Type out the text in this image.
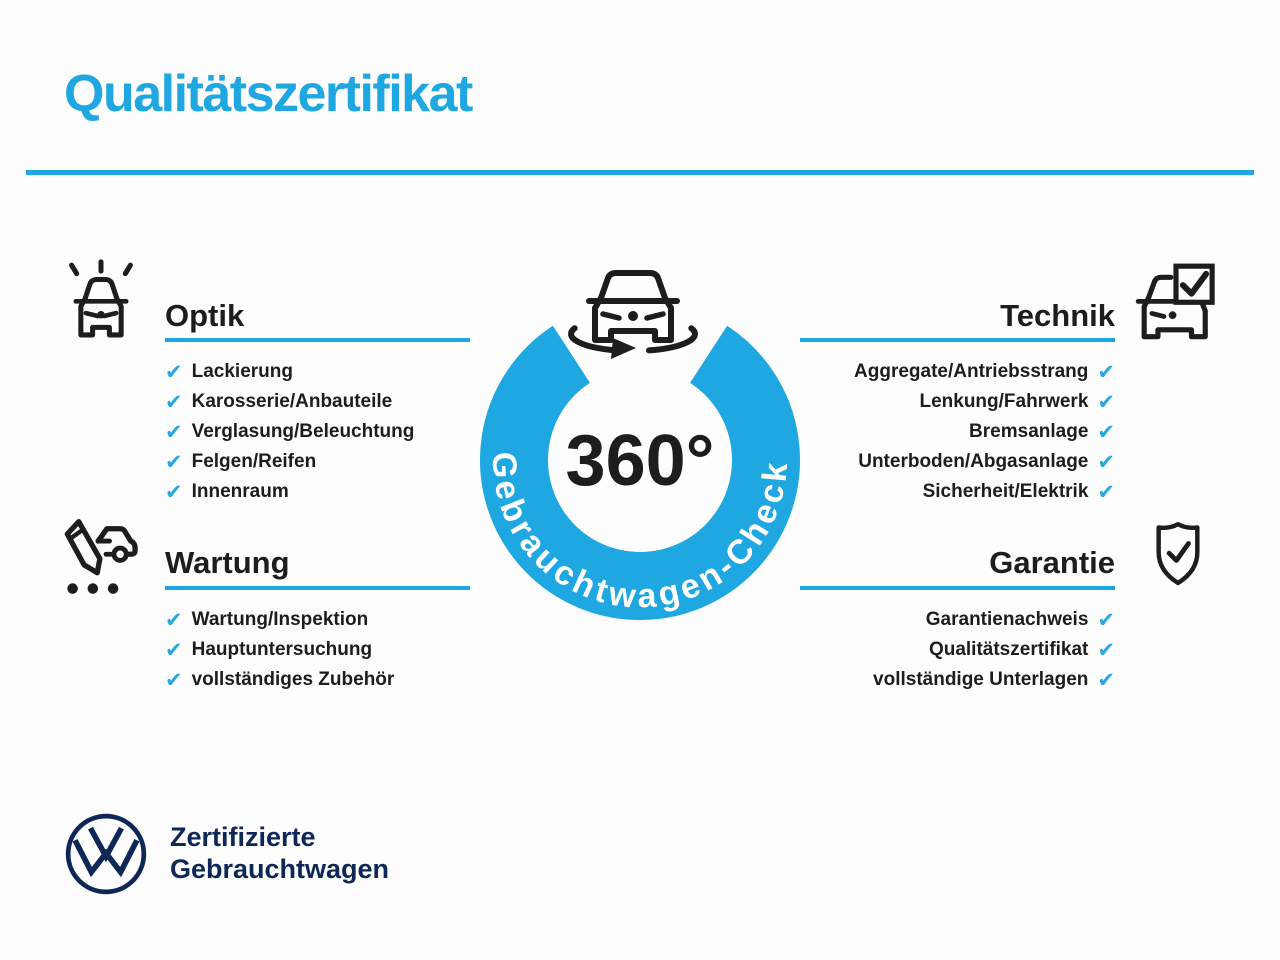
Qualitätszertifikat
Optik	Technik
Wartung	Garantie
✔ Lackierung
✔ Karosserie/Anbauteile
✔ Verglasung/Beleuchtung
✔ Felgen/Reifen
✔ Innenraum
Aggregate/Antriebsstrang ✔
Lenkung/Fahrwerk ✔
Bremsanlage ✔
Unterboden/Abgasanlage ✔
Sicherheit/Elektrik ✔
✔ Wartung/Inspektion
✔ Hauptuntersuchung
✔ vollständiges Zubehör
Garantienachweis ✔
Qualitätszertifikat ✔
vollständige Unterlagen ✔
Gebrauchtwagen-Check
360°
Zertifizierte
Gebrauchtwagen
